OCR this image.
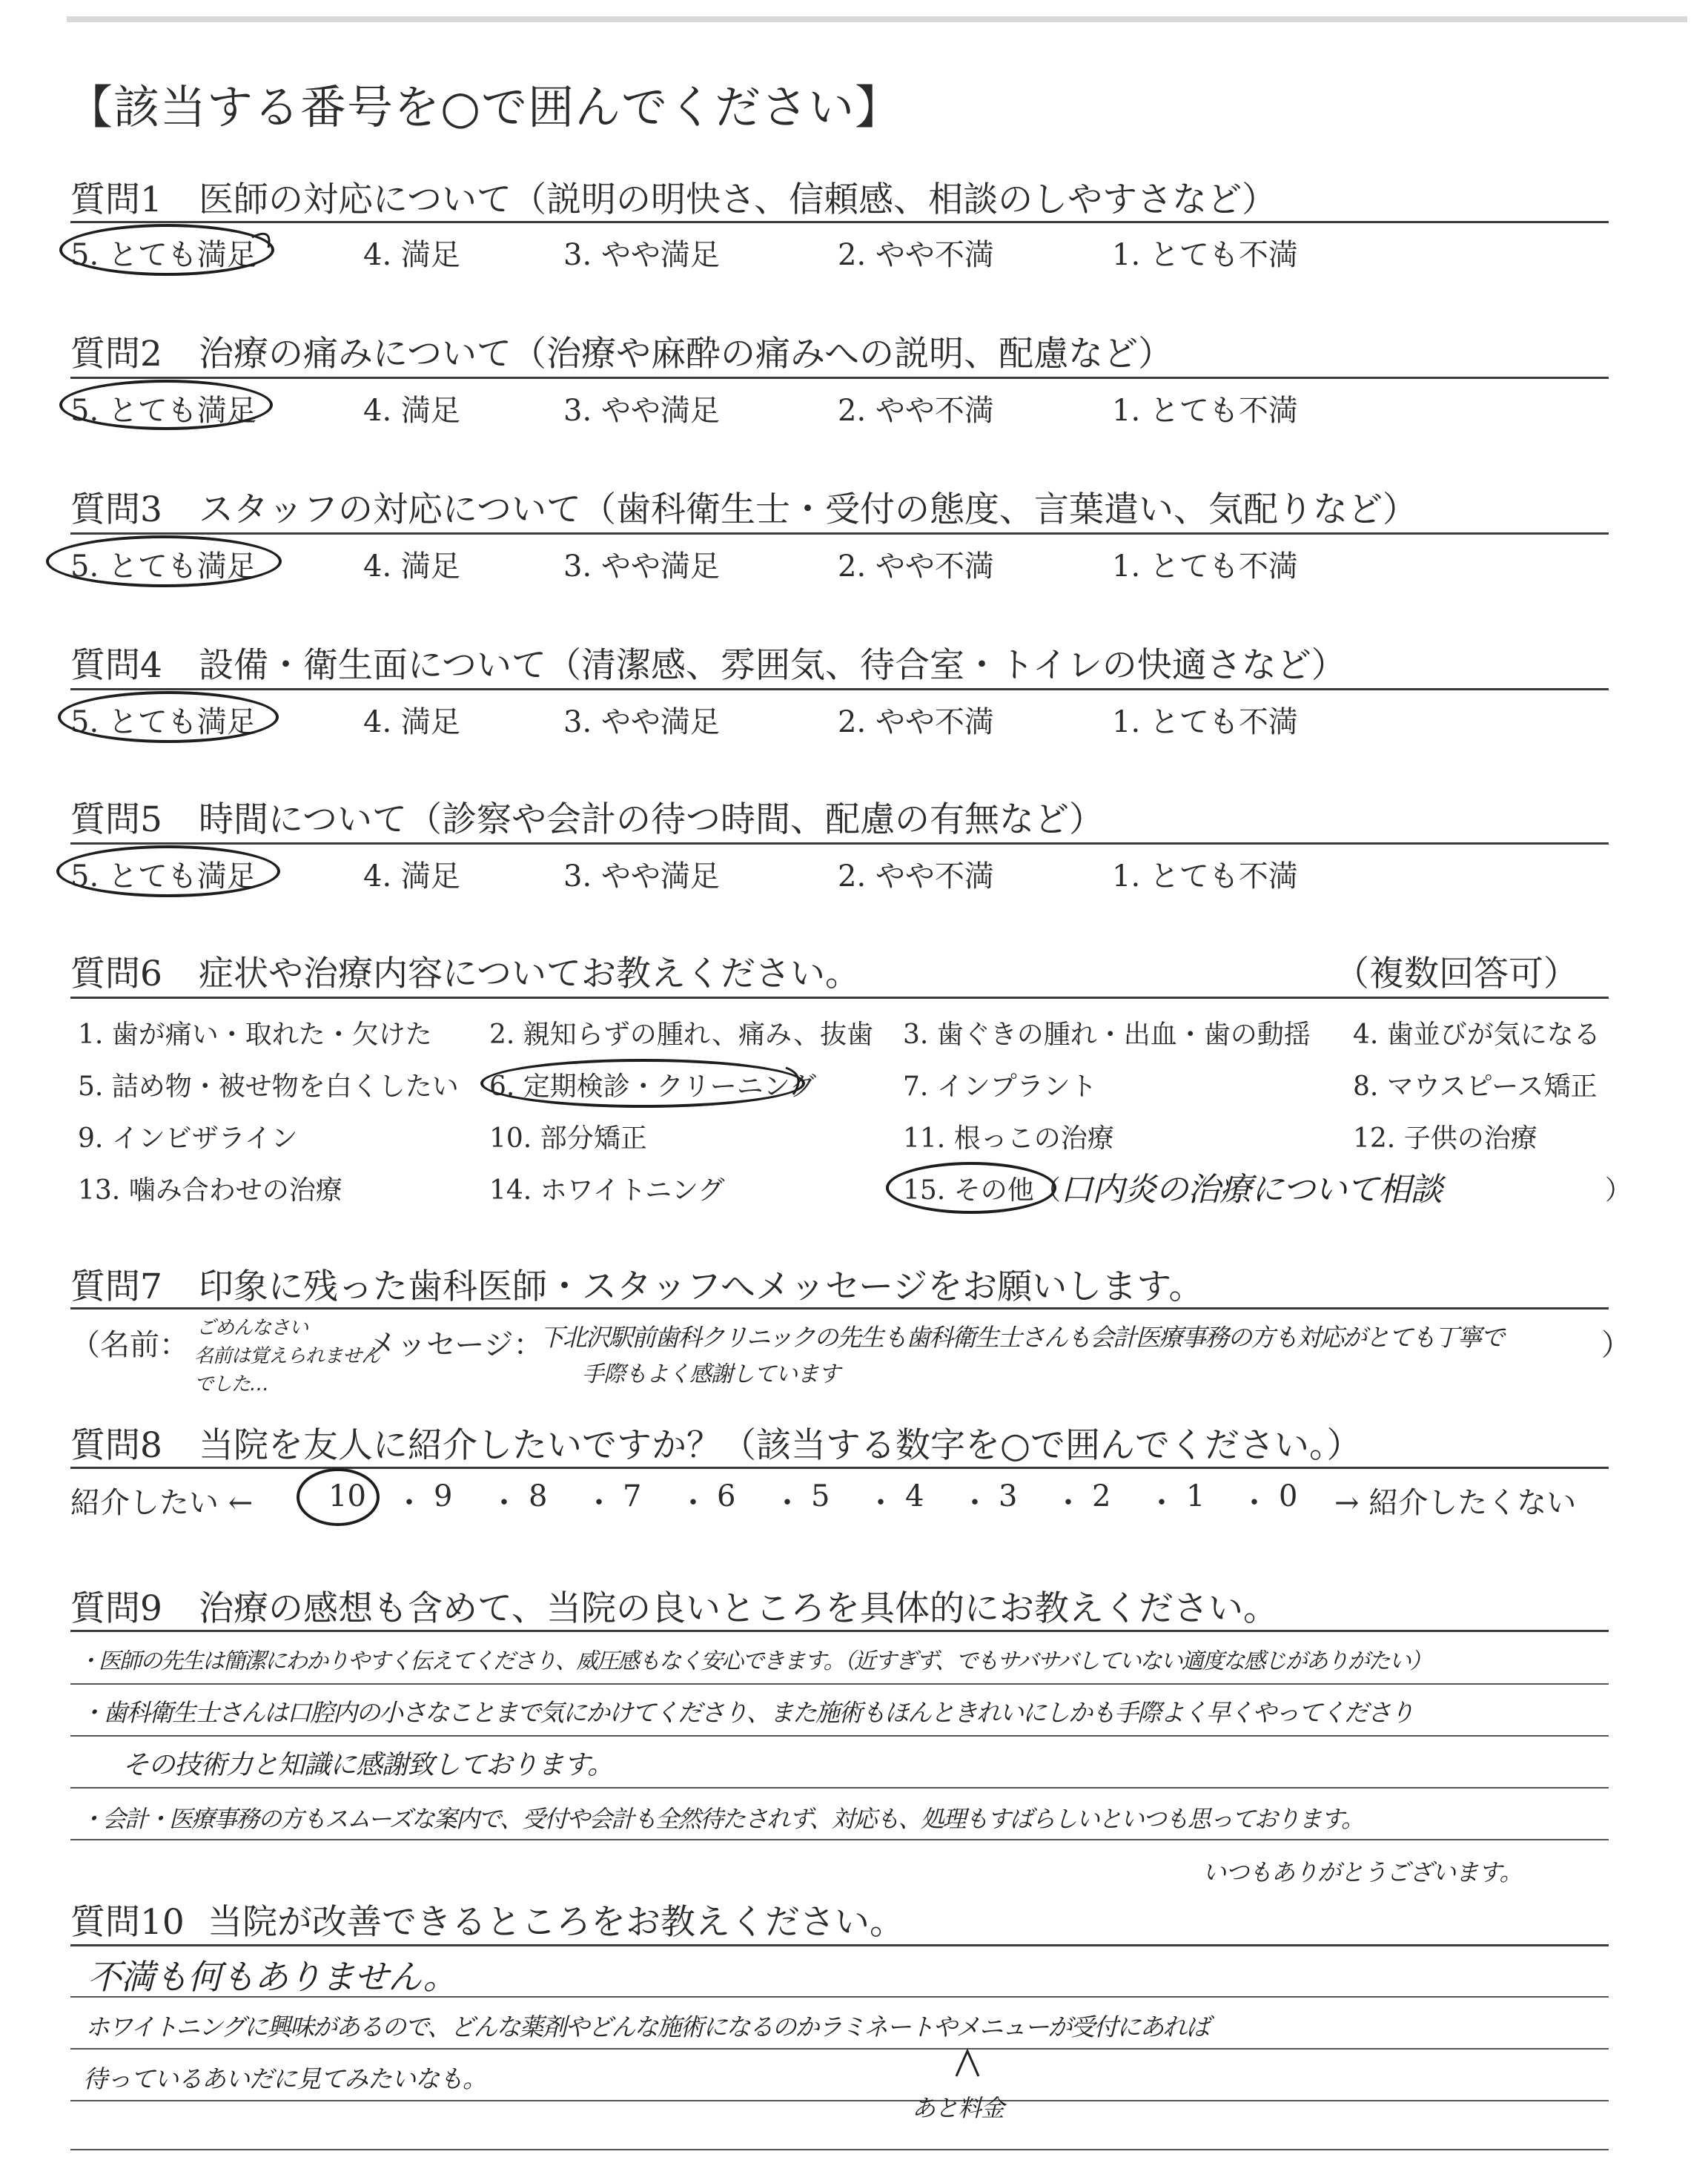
【該当する番号を○で囲んでください】
質問1 医師の対応について（説明の明快さ、信頼感、相談のしやすさなど）
5. とても満足	4. 満足	3. やや満足	2. やや不満	1. とても不満
質問2 治療の痛みについて（治療や麻酔の痛みへの説明、配慮など）
5. とても満足	4. 満足	3. やや満足	2. やや不満	1. とても不満
質問3 スタッフの対応について（歯科衛生士・受付の態度、言葉遣い、気配りなど）
5. とても満足	4. 満足	3. やや満足	2. やや不満	1. とても不満
質問4 設備・衛生面について（清潔感、雰囲気、待合室・トイレの快適さなど）
5. とても満足	4. 満足	3. やや満足	2. やや不満	1. とても不満
質問5 時間について（診察や会計の待つ時間、配慮の有無など）
5. とても満足	4. 満足	3. やや満足	2. やや不満	1. とても不満
質問6 症状や治療内容についてお教えください。	（複数回答可）
1. 歯が痛い・取れた・欠けた 2. 親知らずの腫れ、痛み、抜歯 3. 歯ぐきの腫れ・出血・歯の動揺 4. 歯並びが気になる
5. 詰め物・被せ物を白くしたい 6. 定期検診・クリーニング	7. インプラント	8. マウスピース矯正
9. インビザライン	10. 部分矯正	11. 根っこの治療	12. 子供の治療
13. 噛み合わせの治療	14. ホワイトニング	15. その他（ 口内炎の治療について相談	）
質問7 印象に残った歯科医師・スタッフへメッセージをお願いします。
（名前： ごめんなさい
名前は覚えられません
でした…
メッセージ：
下北沢駅前歯科クリニックの先生も歯科衛生士さんも会計医療事務の方も対応がとても丁寧で
手際もよく感謝しています
）
質問8 当院を友人に紹介したいですか？（該当する数字を○で囲んでください。）
紹介したい ←	10 ・ 9 ・ 8 ・ 7 ・ 6 ・ 5 ・ 4 ・ 3 ・ 2 ・ 1 ・ 0 → 紹介したくない
質問9 治療の感想も含めて、当院の良いところを具体的にお教えください。
・医師の先生は簡潔にわかりやすく伝えてくださり、威圧感もなく安心できます。（近すぎず、でもサバサバしていない適度な感じがありがたい）
・歯科衛生士さんは口腔内の小さなことまで気にかけてくださり、また施術もほんときれいにしかも手際よく早くやってくださり
その技術力と知識に感謝致しております。
・会計・医療事務の方もスムーズな案内で、受付や会計も全然待たされず、対応も、処理もすばらしいといつも思っております。
いつもありがとうございます。
質問10 当院が改善できるところをお教えください。
不満も何もありません。
ホワイトニングに興味があるので、どんな薬剤やどんな施術になるのかラミネートやメニューが受付にあれば
待っているあいだに見てみたいなも。
あと料金
